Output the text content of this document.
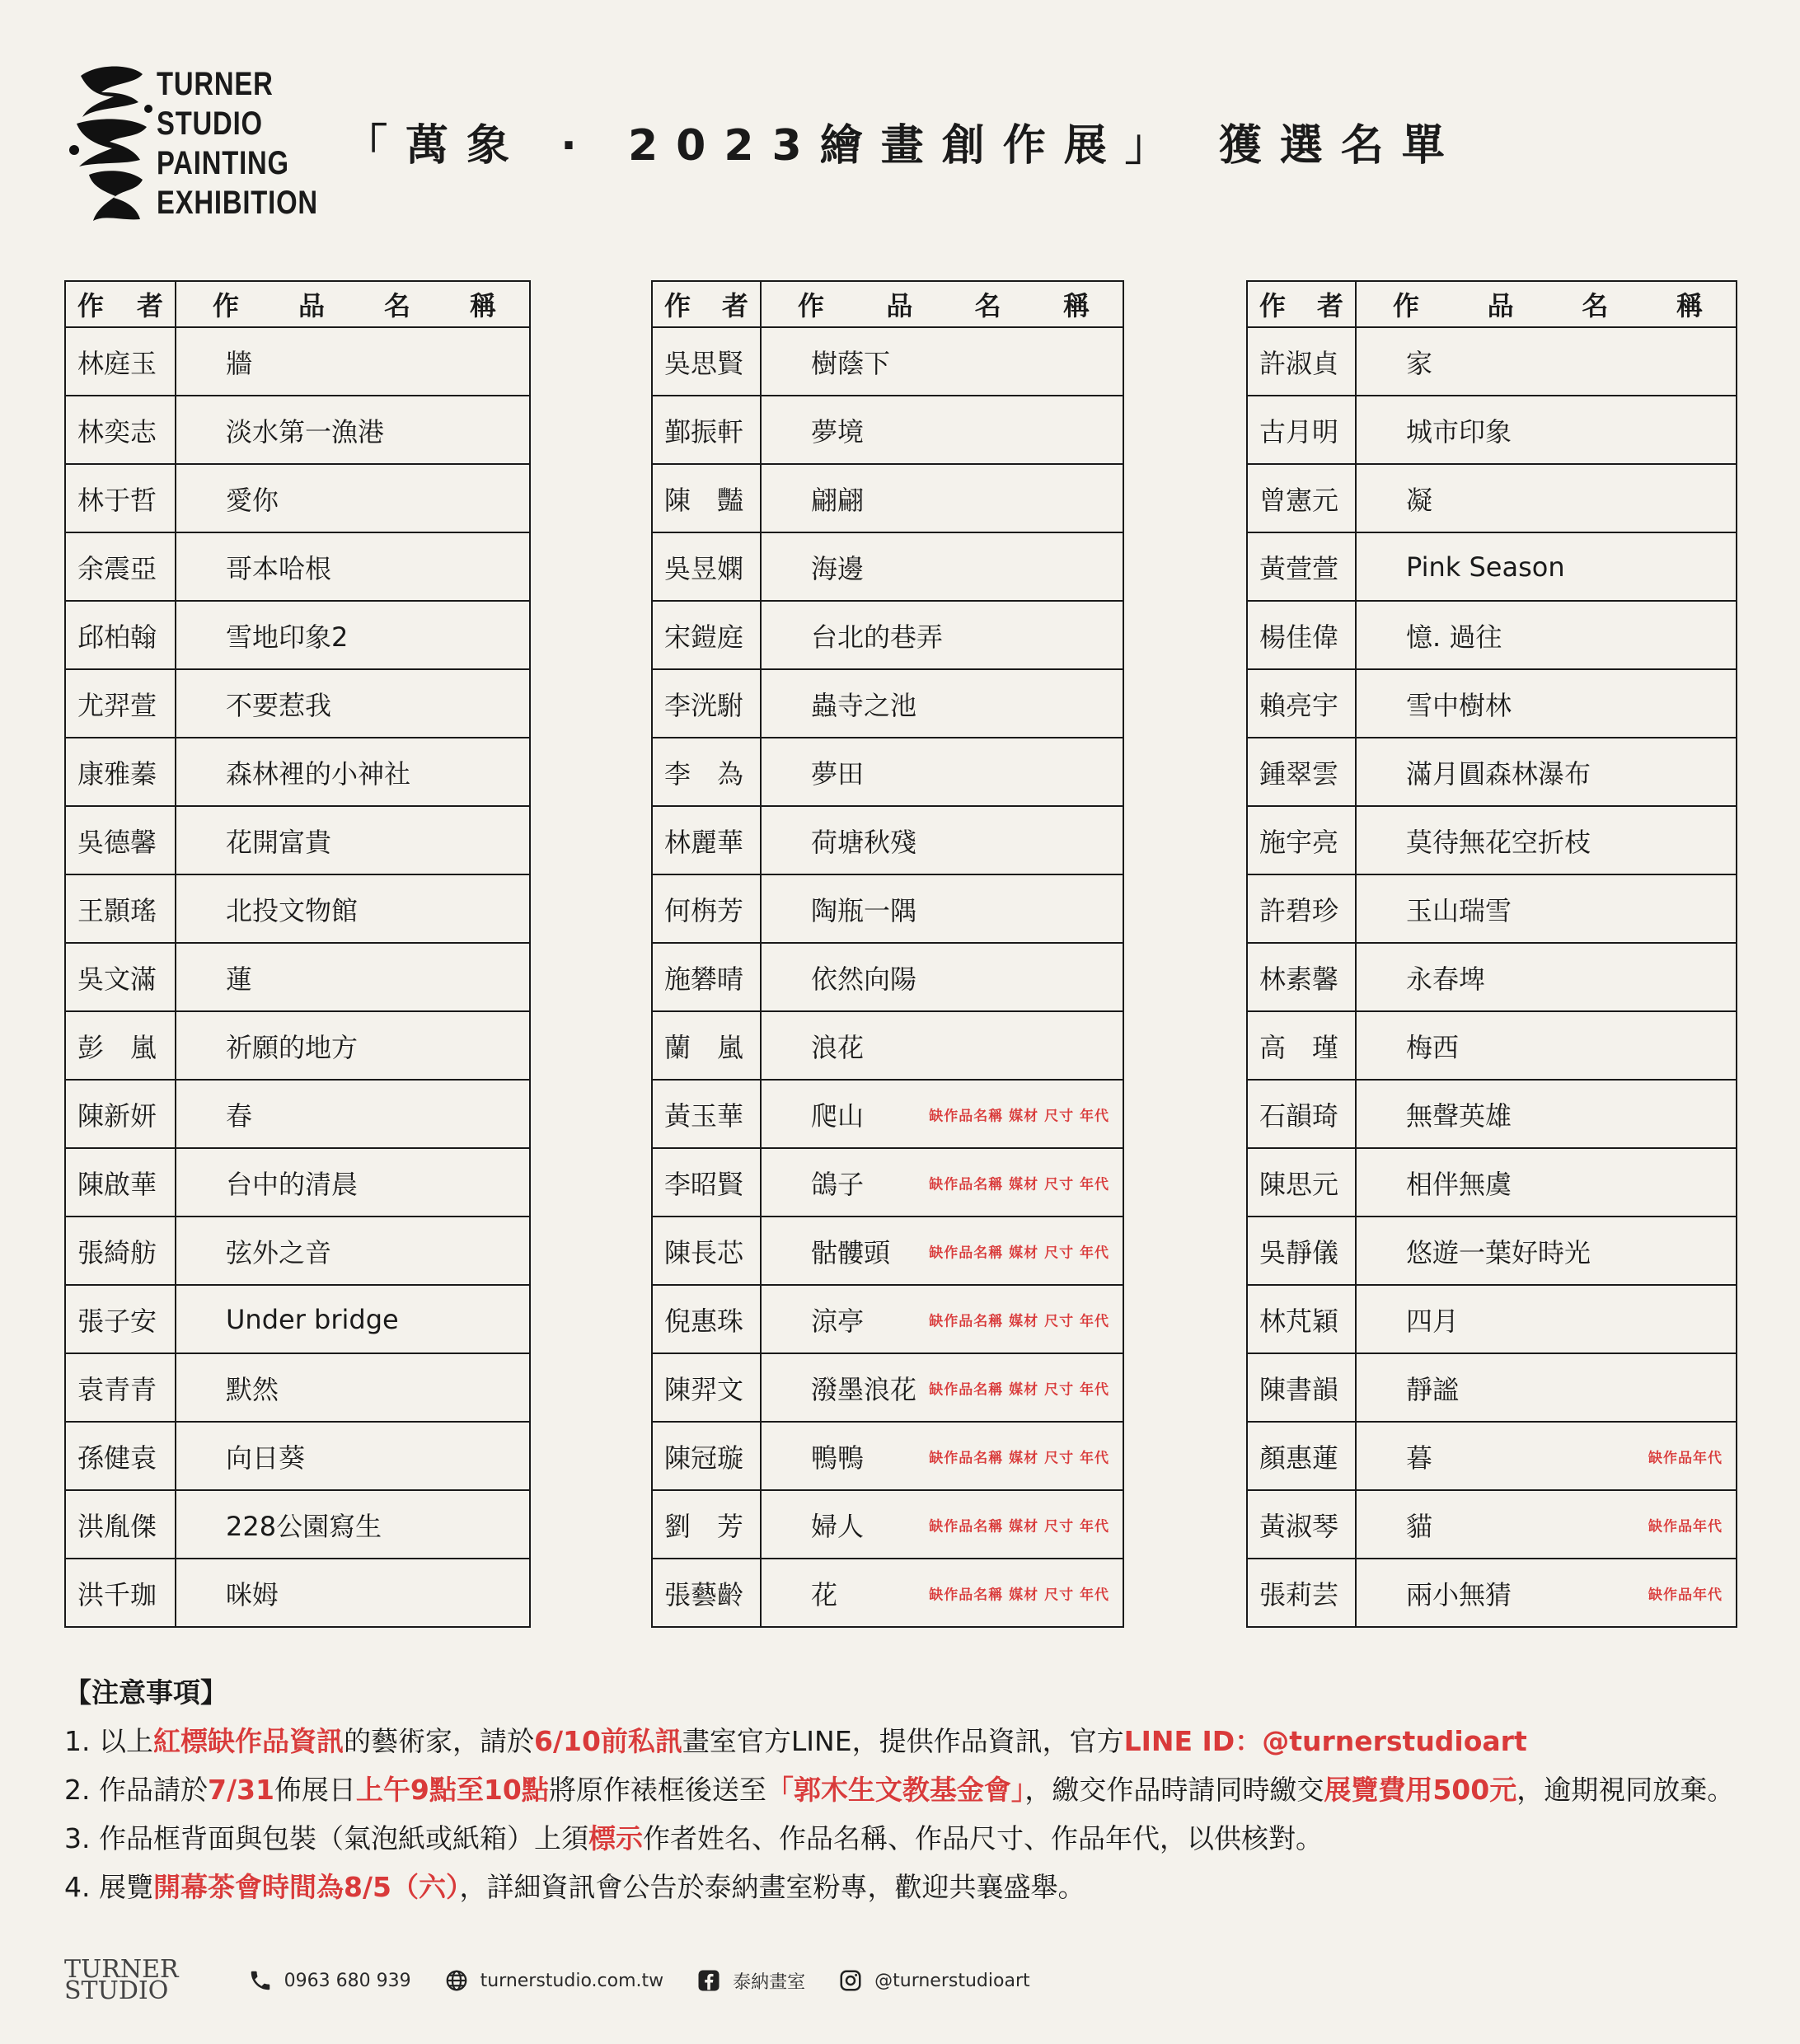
TURNER
STUDIO
PAINTING
EXHIBITION
「萬象 · 2023繪畫創作展」 獲選名單
作 者	作 品 名 稱

林庭玉	牆
林奕志	淡水第一漁港
林于哲	愛你
余震亞	哥本哈根
邱柏翰	雪地印象2
尤羿萱	不要惹我
康雅蓁	森林裡的小神社
吳德馨	花開富貴
王顥瑤	北投文物館
吳文滿	蓮
彭　嵐	祈願的地方
陳新妍	春
陳啟華	台中的清晨
張綺舫	弦外之音
張子安	Under bridge
袁青青	默然
孫健袁	向日葵
洪胤傑	228公園寫生
洪千珈	咪姆
作 者	作 品 名 稱

吳思賢	樹蔭下
鄞振軒	夢境
陳　豔	翩翩
吳昱嫻	海邊
宋鎧庭	台北的巷弄
李洸駙	蟲寺之池
李　為	夢田
林麗華	荷塘秋殘
何栴芳	陶瓶一隅
施礬晴	依然向陽
蘭　嵐	浪花
黃玉華	爬山 缺作品名稱 媒材 尺寸 年代

李昭賢	鴿子 缺作品名稱 媒材 尺寸 年代

陳長芯	骷髏頭 缺作品名稱 媒材 尺寸 年代

倪惠珠	涼亭 缺作品名稱 媒材 尺寸 年代

陳羿文	潑墨浪花 缺作品名稱 媒材 尺寸 年代

陳冠璇	鴨鴨 缺作品名稱 媒材 尺寸 年代

劉　芳	婦人 缺作品名稱 媒材 尺寸 年代

張藝齡	花 缺作品名稱 媒材 尺寸 年代
作 者	作 品 名 稱

許淑貞	家
古月明	城市印象
曾憲元	凝
黃萱萱	Pink Season
楊佳偉	憶. 過往
賴亮宇	雪中樹林
鍾翠雲	滿月圓森林瀑布
施宇亮	莫待無花空折枝
許碧珍	玉山瑞雪
林素馨	永春埤
高　瑾	梅西
石韻琦	無聲英雄
陳思元	相伴無虞
吳靜儀	悠遊一葉好時光
林芃穎	四月
陳書韻	靜謐
顏惠蓮	暮 缺作品年代

黃淑琴	貓 缺作品年代

張莉芸	兩小無猜 缺作品年代
【注意事項】
1. 以上紅標缺作品資訊的藝術家，請於6/10前私訊畫室官方LINE，提供作品資訊，官方LINE ID：@turnerstudioart
2. 作品請於7/31佈展日上午9點至10點將原作裱框後送至「郭木生文教基金會」，繳交作品時請同時繳交展覽費用500元，逾期視同放棄。
3. 作品框背面與包裝（氣泡紙或紙箱）上須標示作者姓名、作品名稱、作品尺寸、作品年代，以供核對。
4. 展覽開幕茶會時間為8/5（六），詳細資訊會公告於泰納畫室粉專，歡迎共襄盛舉。
TURNER
STUDIO	0963 680 939	turnerstudio.com.tw	泰納畫室	@turnerstudioart
